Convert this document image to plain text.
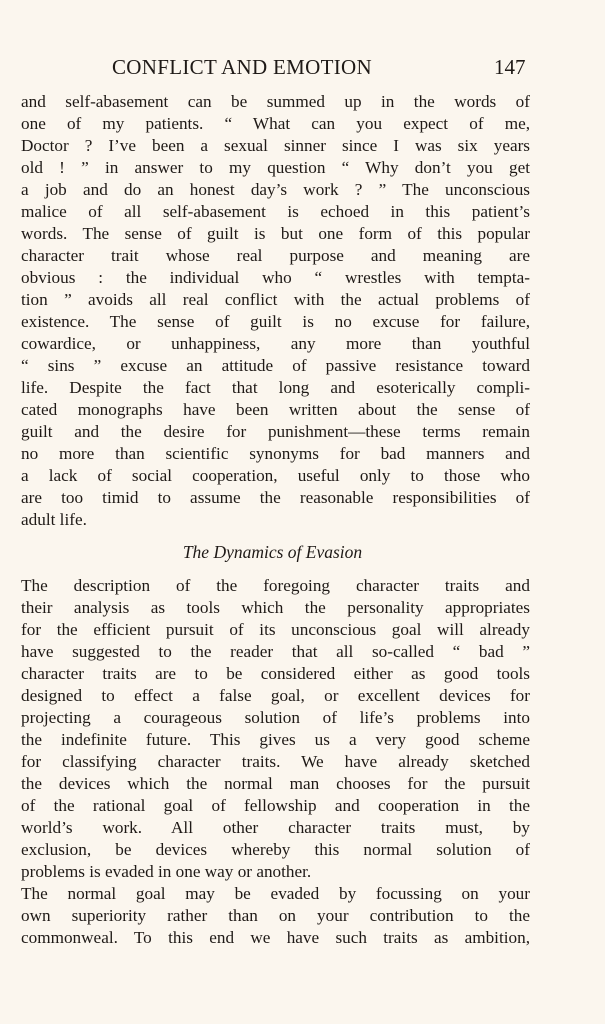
CONFLICT AND EMOTION	147
and self-abasement can be summed up in the words of
one of my patients. “ What can you expect of me,
Doctor ? I’ve been a sexual sinner since I was six years
old ! ” in answer to my question “ Why don’t you get
a job and do an honest day’s work ? ” The unconscious
malice of all self-abasement is echoed in this patient’s
words. The sense of guilt is but one form of this popular
character trait whose real purpose and meaning are
obvious : the individual who “ wrestles with tempta-
tion ” avoids all real conflict with the actual problems of
existence. The sense of guilt is no excuse for failure,
cowardice, or unhappiness, any more than youthful
“ sins ” excuse an attitude of passive resistance toward
life. Despite the fact that long and esoterically compli-
cated monographs have been written about the sense of
guilt and the desire for punishment—these terms remain
no more than scientific synonyms for bad manners and
a lack of social cooperation, useful only to those who
are too timid to assume the reasonable responsibilities of
adult life.
The Dynamics of Evasion
The description of the foregoing character traits and
their analysis as tools which the personality appropriates
for the efficient pursuit of its unconscious goal will already
have suggested to the reader that all so-called “ bad ”
character traits are to be considered either as good tools
designed to effect a false goal, or excellent devices for
projecting a courageous solution of life’s problems into
the indefinite future. This gives us a very good scheme
for classifying character traits. We have already sketched
the devices which the normal man chooses for the pursuit
of the rational goal of fellowship and cooperation in the
world’s work. All other character traits must, by
exclusion, be devices whereby this normal solution of
problems is evaded in one way or another.
The normal goal may be evaded by focussing on your
own superiority rather than on your contribution to the
commonweal. To this end we have such traits as ambition,
